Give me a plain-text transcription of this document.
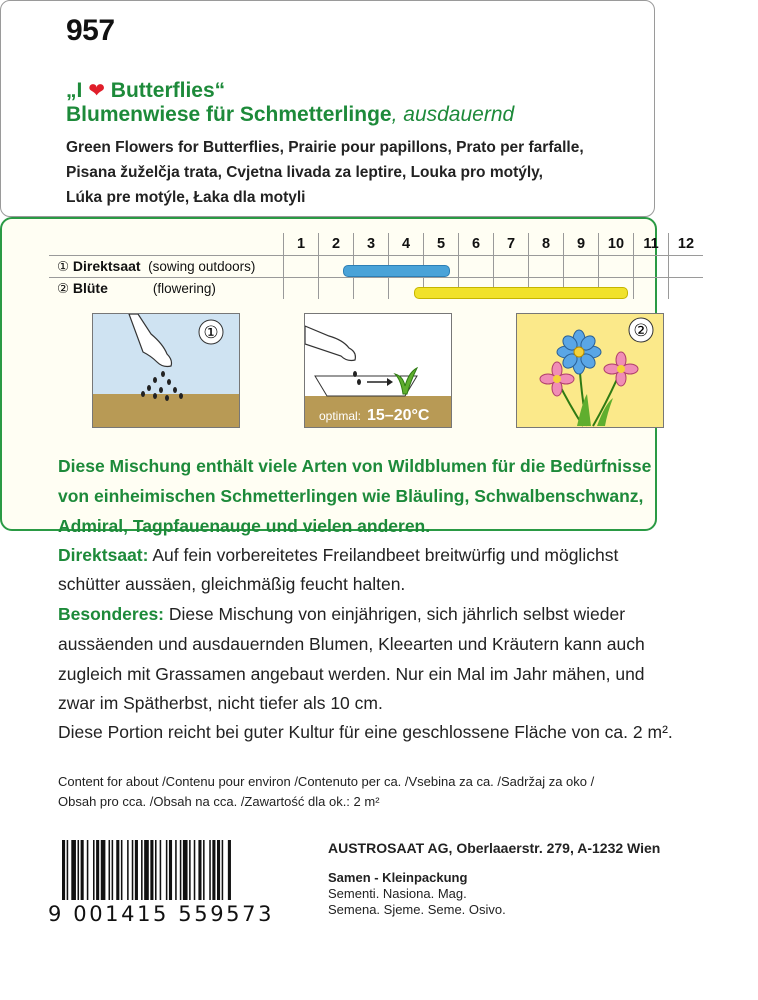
957
„I ❤ Butterflies“
Blumenwiese für Schmetterlinge, ausdauernd
Green Flowers for Butterflies, Prairie pour papillons, Prato per farfalle,
Pisana žuželčja trata, Cvjetna livada za leptire, Louka pro motýly,
Lúka pre motýle, Łaka dla motyli
	1	2	3	4	5	6	7	8	9	10	11	12
① Direktsaat (sowing outdoors)												
② Blüte (flowering)												
①
optimal: 15–20°C
②
Diese Mischung enthält viele Arten von Wildblumen für die Bedürfnisse
von einheimischen Schmetterlingen wie Bläuling, Schwalbenschwanz,
Admiral, Tagpfauenauge und vielen anderen.
Direktsaat: Auf fein vorbereitetes Freilandbeet breitwürfig und möglichst
schütter aussäen, gleichmäßig feucht halten.
Besonderes: Diese Mischung von einjährigen, sich jährlich selbst wieder
aussäenden und ausdauernden Blumen, Kleearten und Kräutern kann auch
zugleich mit Grassamen angebaut werden. Nur ein Mal im Jahr mähen, und
zwar im Spätherbst, nicht tiefer als 10 cm.
Diese Portion reicht bei guter Kultur für eine geschlossene Fläche von ca. 2 m².
Content for about /Contenu pour environ /Contenuto per ca. /Vsebina za ca. /Sadržaj za oko /
Obsah pro cca. /Obsah na cca. /Zawartość dla ok.: 2 m²
9 001415 559573
AUSTROSAAT AG, Oberlaaerstr. 279, A-1232 Wien
Samen - Kleinpackung
Sementi. Nasiona. Mag.
Semena. Sjeme. Seme. Osivo.
